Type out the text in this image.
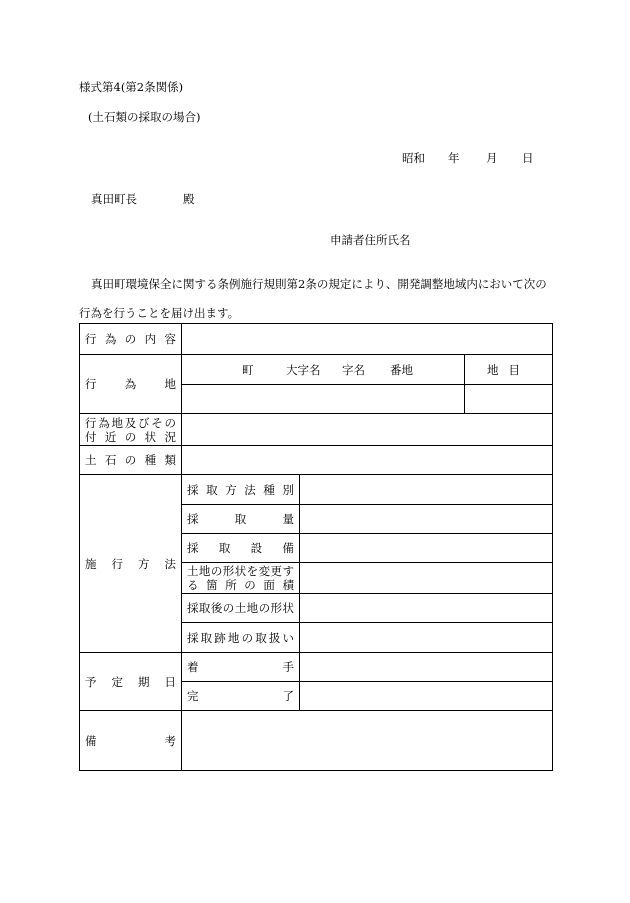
様式第4(第2条関係)
(土石類の採取の場合)
昭和 年 月 日
真田町長	殿
申請者住所氏名
真田町環境保全に関する条例施行規則第2条の規定により、開発調整地域内において次の行為を行うことを届け出ます。
行為の内容			
行為地	町 大字名 字名 番地		地目

行為地及びその
付近の状況			

土石の種類			
施行方法	採取方法種別		
	採取量		
	採取設備		

	土地の形状を変更す
る箇所の面積		

	採取後の土地の形状		
	採取跡地の取扱い		
予定期日	着手		
	完了		
備考			
